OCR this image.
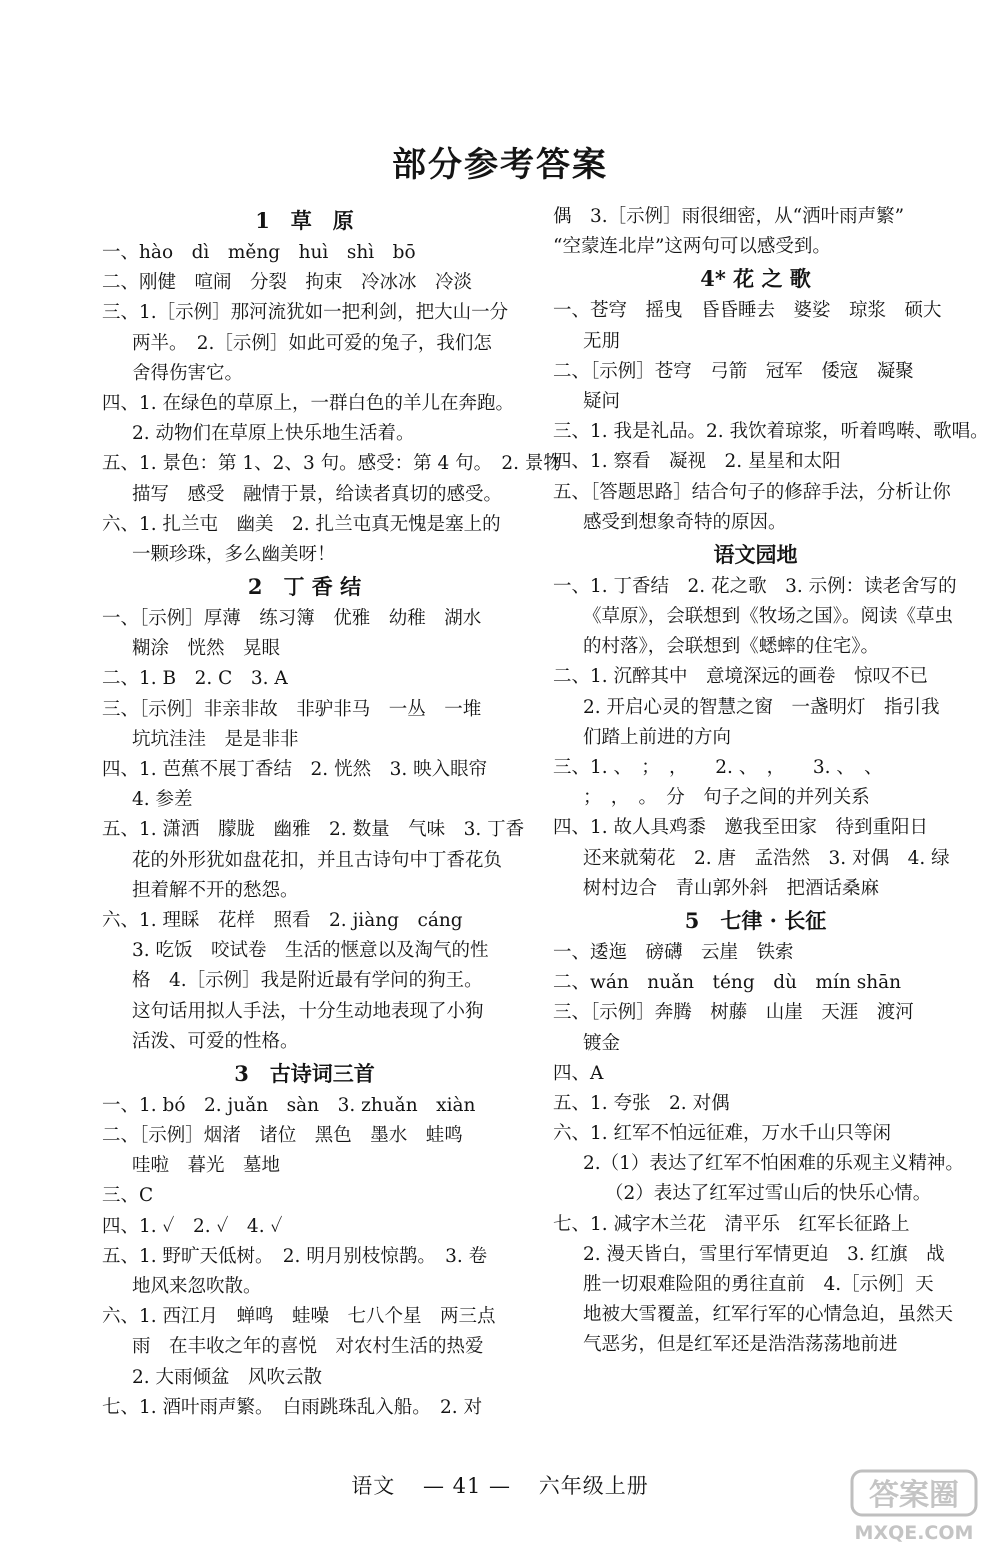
部分参考答案
1　草　原
一、hào　dì　měng　huì　shì　bō
二、刚健　喧闹　分裂　拘束　冷冰冰　冷淡
三、1.［示例］那河流犹如一把利剑，把大山一分
两半。　2.［示例］如此可爱的兔子，我们怎
舍得伤害它。
四、1. 在绿色的草原上，一群白色的羊儿在奔跑。
2. 动物们在草原上快乐地生活着。
五、1. 景色：第 1、2、3 句。感受：第 4 句。　2. 景物
描写　感受　融情于景，给读者真切的感受。
六、1. 扎兰屯　幽美　2. 扎兰屯真无愧是塞上的
一颗珍珠，多么幽美呀！
2　丁 香 结
一、［示例］厚薄　练习簿　优雅　幼稚　湖水
糊涂　恍然　晃眼
二、1. B　2. C　3. A
三、［示例］非亲非故　非驴非马　一丛　一堆
坑坑洼洼　是是非非
四、1. 芭蕉不展丁香结　2. 恍然　3. 映入眼帘
4. 参差
五、1. 潇洒　朦胧　幽雅　2. 数量　气味　3. 丁香
花的外形犹如盘花扣，并且古诗句中丁香花负
担着解不开的愁怨。
六、1. 理睬　花样　照看　2. jiàng　cáng
3. 吃饭　咬试卷　生活的惬意以及淘气的性
格　4.［示例］我是附近最有学问的狗王。
这句话用拟人手法，十分生动地表现了小狗
活泼、可爱的性格。
3　古诗词三首
一、1. bó　2. juǎn　sàn　3. zhuǎn　xiàn
二、［示例］烟渚　诸位　黑色　墨水　蛙鸣
哇啦　暮光　墓地
三、C
四、1. ✓　2. ✓　4. ✓
五、1. 野旷天低树。　2. 明月别枝惊鹊。　3. 卷
地风来忽吹散。
六、1. 西江月　蝉鸣　蛙噪　七八个星　两三点
雨　在丰收之年的喜悦　对农村生活的热爱
2. 大雨倾盆　风吹云散
七、1. 酒叶雨声繁。　白雨跳珠乱入船。　2. 对
偶　3.［示例］雨很细密，从“洒叶雨声繁”
“空蒙连北岸”这两句可以感受到。
4* 花 之 歌
一、苍穹　摇曳　昏昏睡去　婆娑　琼浆　硕大
无朋
二、［示例］苍穹　弓箭　冠军　倭寇　凝聚
疑问
三、1. 我是礼品。2. 我饮着琼浆，听着鸣啭、歌唱。
四、1. 察看　凝视　2. 星星和太阳
五、［答题思路］结合句子的修辞手法，分析让你
感受到想象奇特的原因。
语文园地
一、1. 丁香结　2. 花之歌　3. 示例：读老舍写的
《草原》，会联想到《牧场之国》。阅读《草虫
的村落》，会联想到《蟋蟀的住宅》。
二、1. 沉醉其中　意境深远的画卷　惊叹不已
2. 开启心灵的智慧之窗　一盏明灯　指引我
们踏上前进的方向
三、1. 、　；　，　　2. 、　，　　3. 、　、
；　，　。　分　句子之间的并列关系
四、1. 故人具鸡黍　邀我至田家　待到重阳日
还来就菊花　2. 唐　孟浩然　3. 对偶　4. 绿
树村边合　青山郭外斜　把酒话桑麻
5　七律 · 长征
一、逶迤　磅礴　云崖　铁索
二、wán　nuǎn　téng　dù　mín shān
三、［示例］奔腾　树藤　山崖　天涯　渡河
镀金
四、A
五、1. 夸张　2. 对偶
六、1. 红军不怕远征难，万水千山只等闲
2.（1）表达了红军不怕困难的乐观主义精神。
（2）表达了红军过雪山后的快乐心情。
七、1. 减字木兰花　清平乐　红军长征路上
2. 漫天皆白，雪里行军情更迫　3. 红旗　战
胜一切艰难险阻的勇往直前　4.［示例］天
地被大雪覆盖，红军行军的心情急迫，虽然天
气恶劣，但是红军还是浩浩荡荡地前进
语文 — 41 — 六年级上册	答案圈
MXQE.COM
